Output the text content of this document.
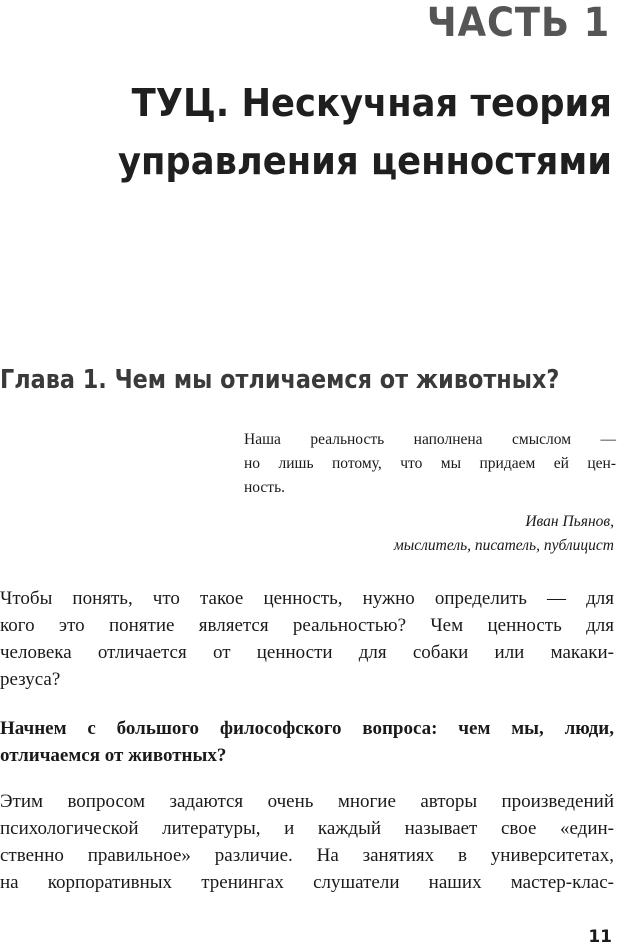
ЧАСТЬ 1
ТУЦ. Нескучная теория
управления ценностями
Глава 1. Чем мы отличаемся от животных?
Наша реальность наполнена смыслом —
но лишь потому, что мы придаем ей цен-
ность.
Иван Пьянов,
мыслитель, писатель, публицист
Чтобы понять, что такое ценность, нужно определить — для
кого это понятие является реальностью? Чем ценность для
человека отличается от ценности для собаки или макаки-
резуса?
Начнем с большого философского вопроса: чем мы, люди,
отличаемся от животных?
Этим вопросом задаются очень многие авторы произведений
психологической литературы, и каждый называет свое «един-
ственно правильное» различие. На занятиях в университетах,
на корпоративных тренингах слушатели наших мастер-клас-
11
